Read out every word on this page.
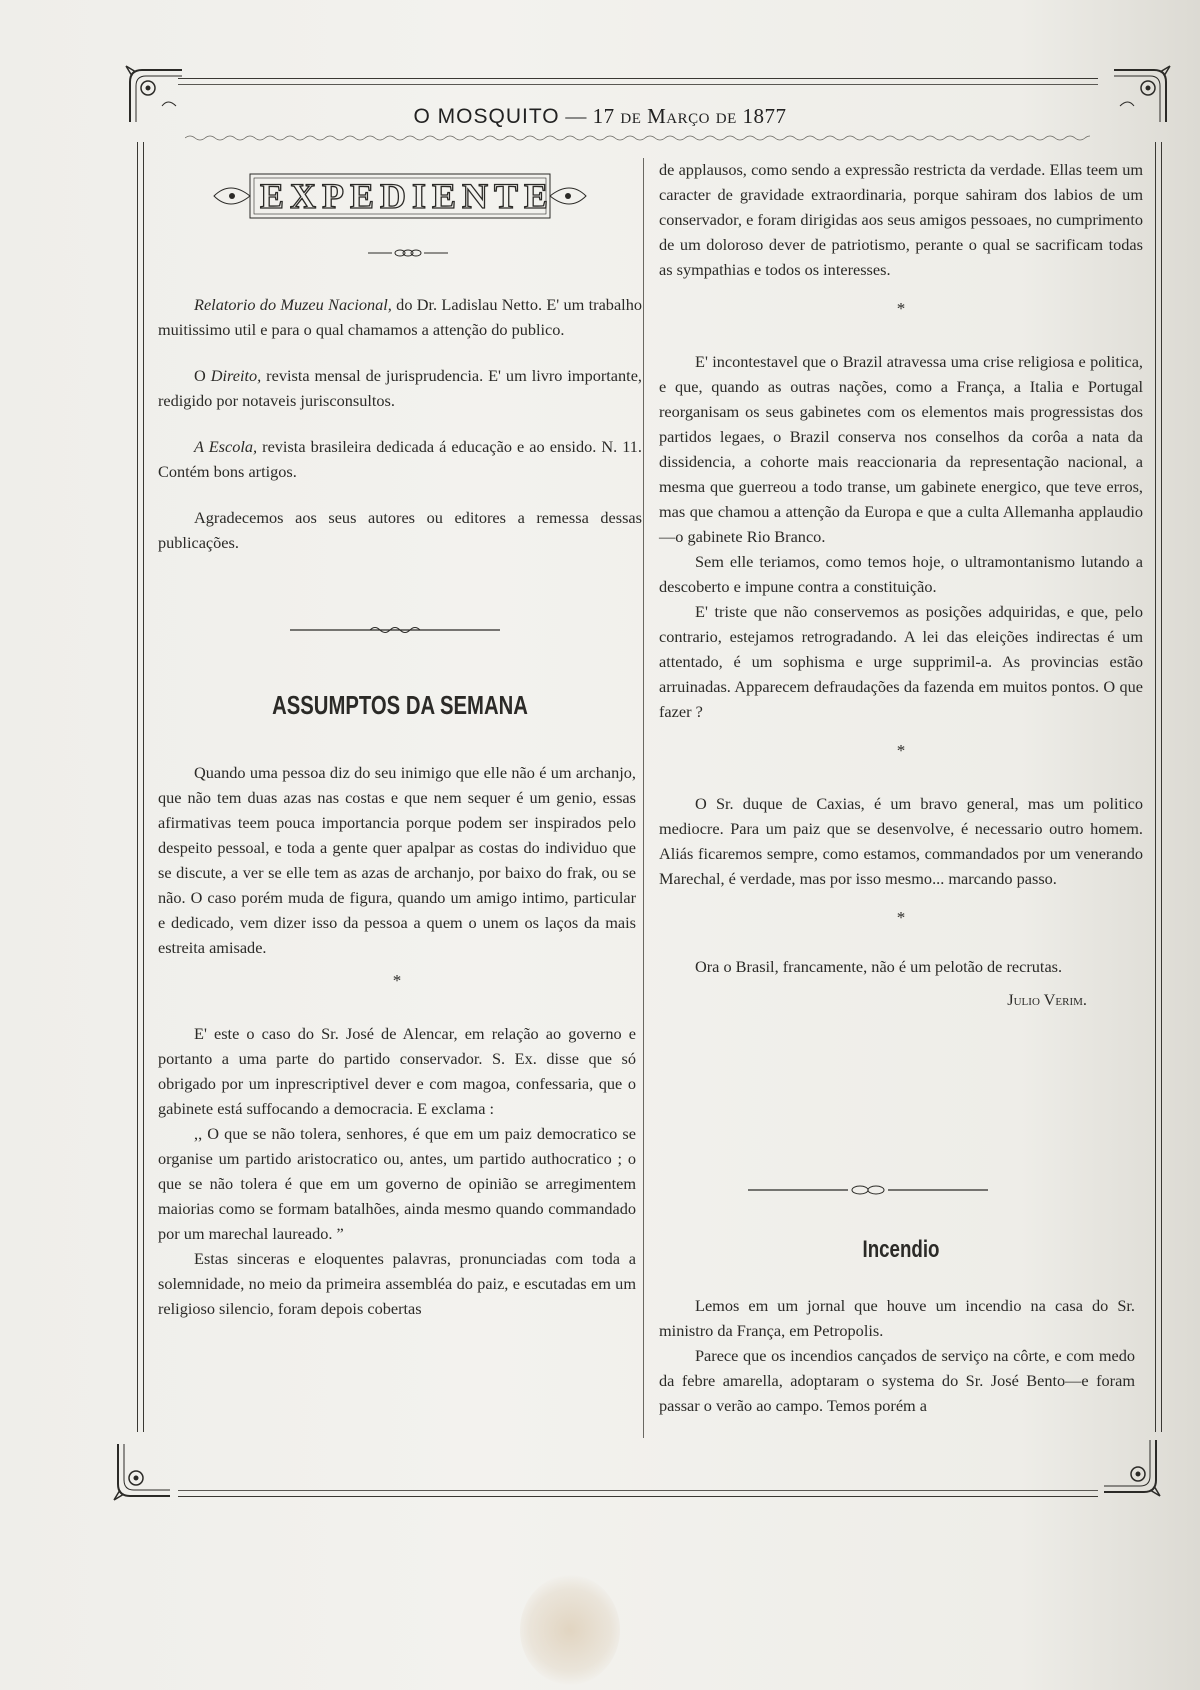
O MOSQUITO — 17 de Março de 1877
EXPEDIENTE

Relatorio do Muzeu Nacional, do Dr. Ladislau Netto. E' um trabalho muitissimo util e para o qual chamamos a attenção do publico.

O Direito, revista mensal de jurisprudencia. E' um livro importante, redigido por notaveis jurisconsultos.

A Escola, revista brasileira dedicada á educação e ao ensido. N. 11. Contém bons artigos.

Agradecemos aos seus autores ou editores a remessa dessas publicações.

ASSUMPTOS DA SEMANA

Quando uma pessoa diz do seu inimigo que elle não é um archanjo, que não tem duas azas nas costas e que nem sequer é um genio, essas afirmativas teem pouca importancia porque podem ser inspirados pelo despeito pessoal, e toda a gente quer apalpar as costas do individuo que se discute, a ver se elle tem as azas de archanjo, por baixo do frak, ou se não. O caso porém muda de figura, quando um amigo intimo, particular e dedicado, vem dizer isso da pessoa a quem o unem os laços da mais estreita amisade.

*

E' este o caso do Sr. José de Alencar, em relação ao governo e portanto a uma parte do partido conservador. S. Ex. disse que só obrigado por um inprescriptivel dever e com magoa, confessaria, que o gabinete está suffocando a democracia. E exclama :

,, O que se não tolera, senhores, é que em um paiz democratico se organise um partido aristocratico ou, antes, um partido authocratico ; o que se não tolera é que em um governo de opinião se arregimentem maiorias como se formam batalhões, ainda mesmo quando commandado por um marechal laureado. ”

Estas sinceras e eloquentes palavras, pronunciadas com toda a solemnidade, no meio da primeira assembléa do paiz, e escutadas em um religioso silencio, foram depois cobertas

de applausos, como sendo a expressão restricta da verdade. Ellas teem um caracter de gravidade extraordinaria, porque sahiram dos labios de um conservador, e foram dirigidas aos seus amigos pessoaes, no cumprimento de um doloroso dever de patriotismo, perante o qual se sacrificam todas as sympathias e todos os interesses.

*

E' incontestavel que o Brazil atravessa uma crise religiosa e politica, e que, quando as outras nações, como a França, a Italia e Portugal reorganisam os seus gabinetes com os elementos mais progressistas dos partidos legaes, o Brazil conserva nos conselhos da corôa a nata da dissidencia, a cohorte mais reaccionaria da representação nacional, a mesma que guerreou a todo transe, um gabinete energico, que teve erros, mas que chamou a attenção da Europa e que a culta Allemanha applaudio—o gabinete Rio Branco.

Sem elle teriamos, como temos hoje, o ultramontanismo lutando a descoberto e impune contra a constituição.

E' triste que não conservemos as posições adquiridas, e que, pelo contrario, estejamos retrogradando. A lei das eleições indirectas é um attentado, é um sophisma e urge supprimil-a. As provincias estão arruinadas. Apparecem defraudações da fazenda em muitos pontos. O que fazer ?

*

O Sr. duque de Caxias, é um bravo general, mas um politico mediocre. Para um paiz que se desenvolve, é necessario outro homem. Aliás ficaremos sempre, como estamos, commandados por um venerando Marechal, é verdade, mas por isso mesmo... marcando passo.

*

Ora o Brasil, francamente, não é um pelotão de recrutas.

Julio Verim.

Incendio

Lemos em um jornal que houve um incendio na casa do Sr. ministro da França, em Petropolis.

Parece que os incendios cançados de serviço na côrte, e com medo da febre amarella, adoptaram o systema do Sr. José Bento—e foram passar o verão ao campo. Temos porém a
